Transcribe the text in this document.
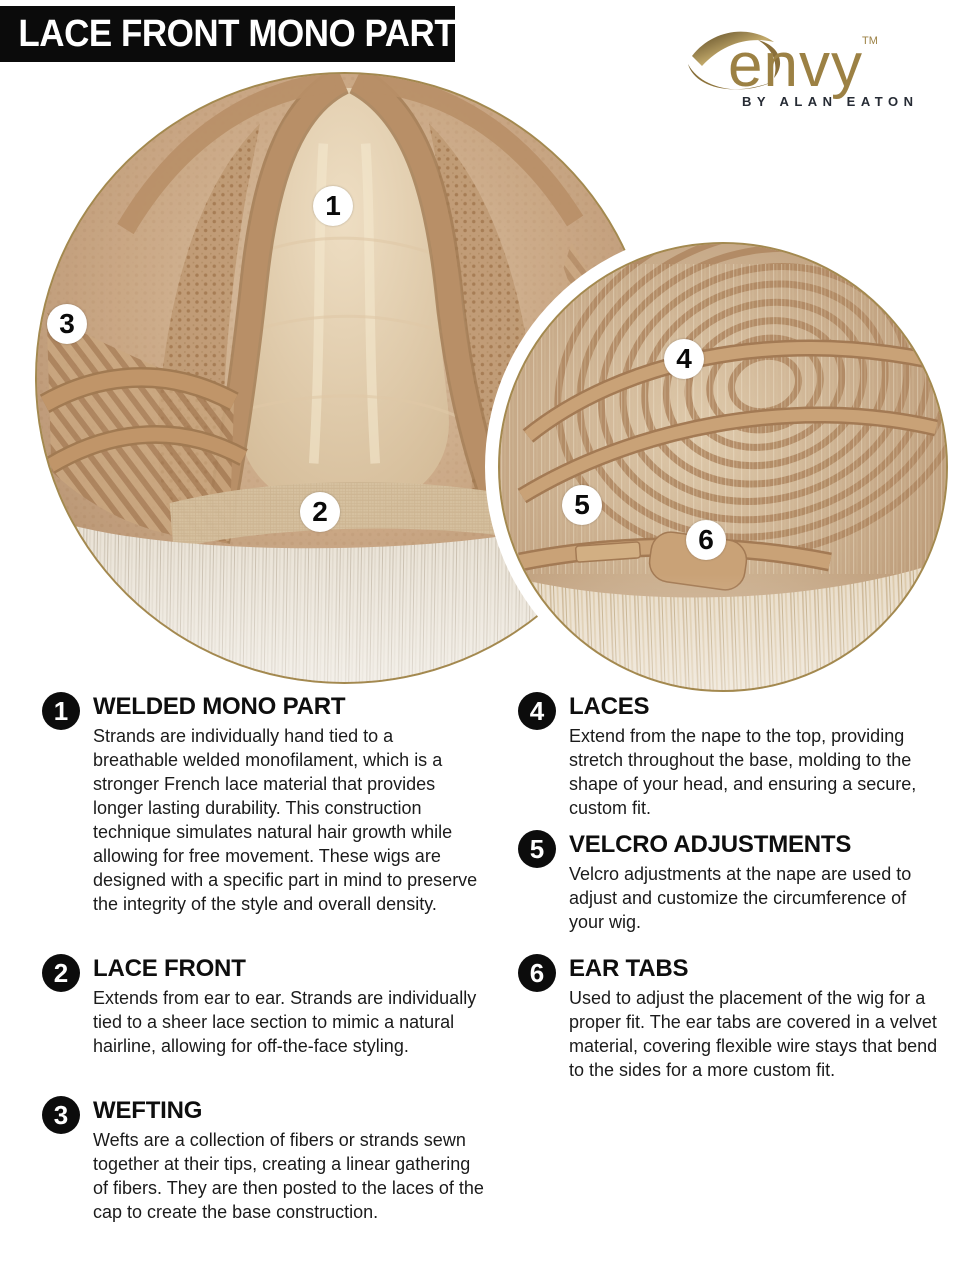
LACE FRONT MONO PART	envy TM
BY ALAN EATON
1
2
3
4
5
6
1	WELDED MONO PART

Strands are individually hand tied to a breathable welded monofilament, which is a stronger French lace material that provides longer lasting durability. This construction technique simulates natural hair growth while allowing for free movement. These wigs are designed with a specific part in mind to preserve the integrity of the style and overall density.

2	LACE FRONT

Extends from ear to ear. Strands are individually tied to a sheer lace section to mimic a natural hairline, allowing for off-the-face styling.

3	WEFTING

Wefts are a collection of fibers or strands sewn together at their tips, creating a linear gathering of fibers. They are then posted to the laces of the cap to create the base construction.

4	LACES

Extend from the nape to the top, providing stretch throughout the base, molding to the shape of your head, and ensuring a secure, custom fit.

5	VELCRO ADJUSTMENTS

Velcro adjustments at the nape are used to adjust and customize the circumference of your wig.

6	EAR TABS

Used to adjust the placement of the wig for a proper fit. The ear tabs are covered in a velvet material, covering flexible wire stays that bend to the sides for a more custom fit.
